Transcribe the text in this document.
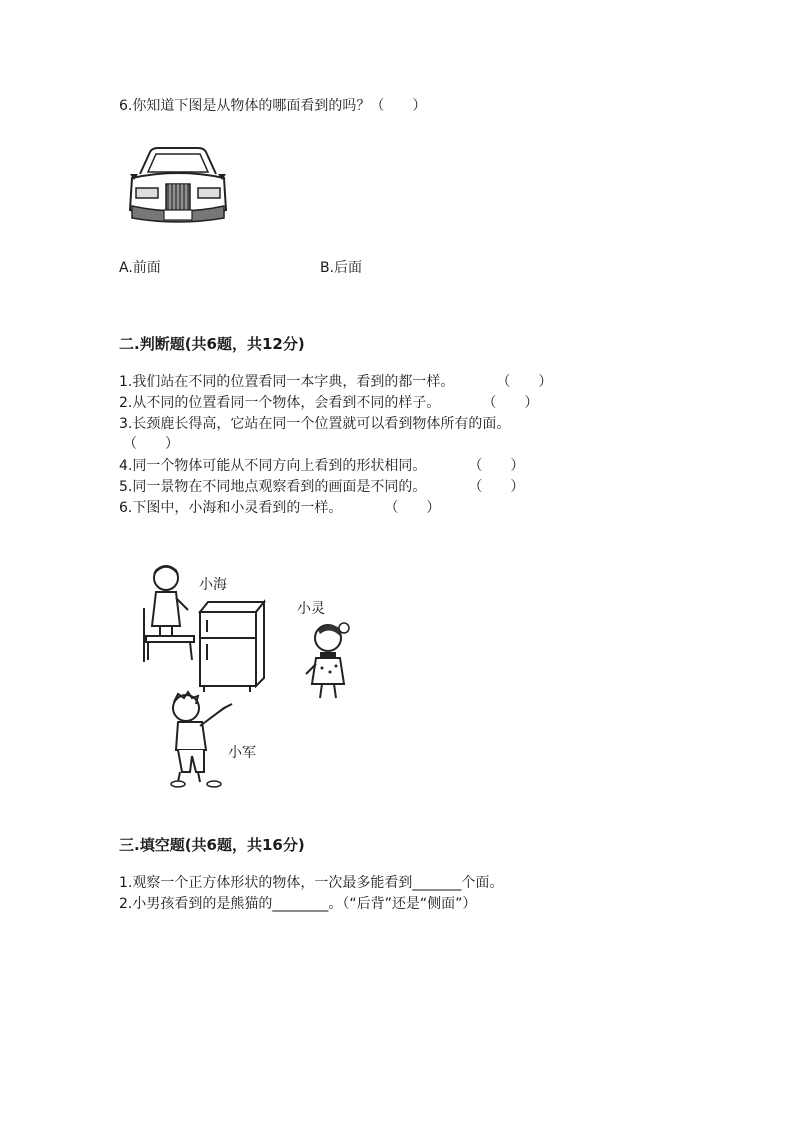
6.你知道下图是从物体的哪面看到的吗？（　　）
A.前面	B.后面
二.判断题(共6题，共12分)
1.我们站在不同的位置看同一本字典，看到的都一样。　　　　（　　）
2.从不同的位置看同一个物体，会看到不同的样子。　　　　（　　）
3.长颈鹿长得高，它站在同一个位置就可以看到物体所有的面。
（　　）
4.同一个物体可能从不同方向上看到的形状相同。　　　　（　　）
5.同一景物在不同地点观察看到的画面是不同的。　　　　（　　）
6.下图中，小海和小灵看到的一样。　　　　（　　）
小海
小灵
小军
三.填空题(共6题，共16分)
1.观察一个正方体形状的物体，一次最多能看到_______个面。
2.小男孩看到的是熊猫的________。（“后背”还是“侧面”）
